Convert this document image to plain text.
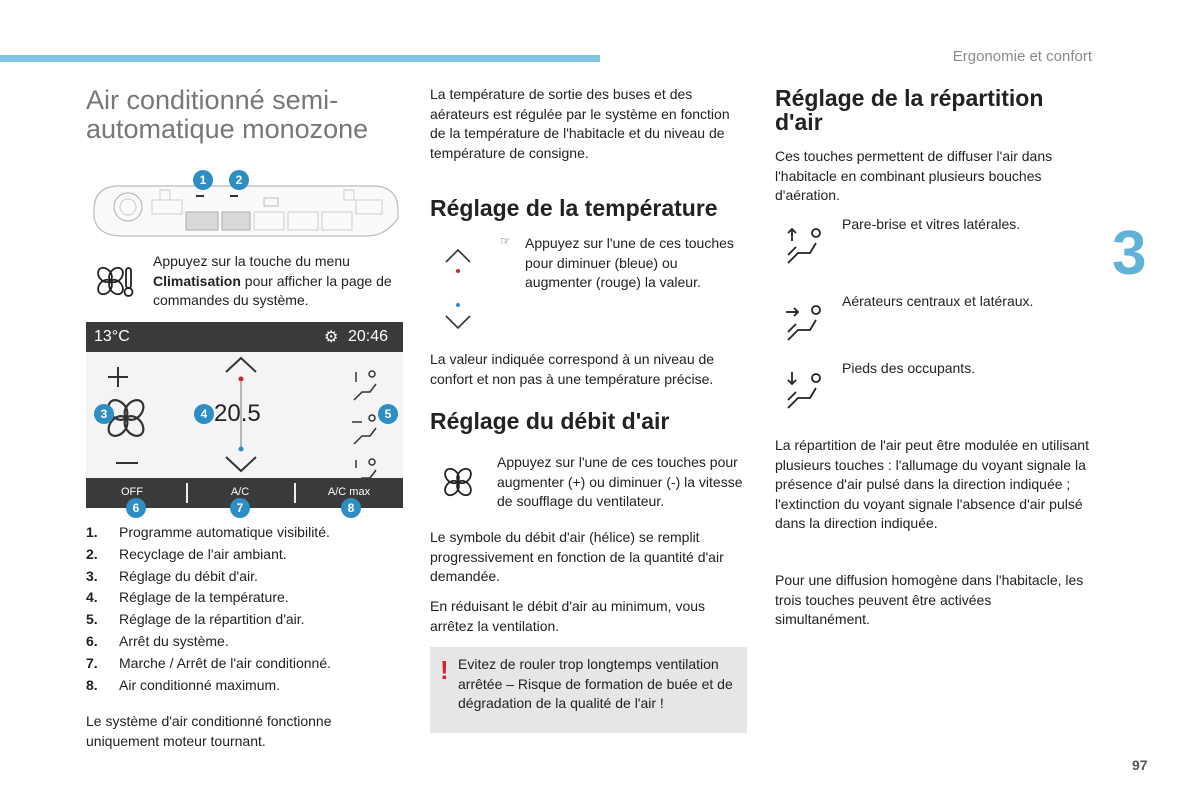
Ergonomie et confort
3
97
Air conditionné semi-automatique monozone
1	2
Appuyez sur la touche du menu Climatisation pour afficher la page de commandes du système.
13°C	⚙ 20:46
20.5
3	4	5
OFF	A/C	A/C max
6	7	8
1. Programme automatique visibilité.
2. Recyclage de l'air ambiant.
3. Réglage du débit d'air.
4. Réglage de la température.
5. Réglage de la répartition d'air.
6. Arrêt du système.
7. Marche / Arrêt de l'air conditionné.
8. Air conditionné maximum.
Le système d'air conditionné fonctionne uniquement moteur tournant.
La température de sortie des buses et des aérateurs est régulée par le système en fonction de la température de l'habitacle et du niveau de température de consigne.
Réglage de la température
☞ Appuyez sur l'une de ces touches pour diminuer (bleue) ou augmenter (rouge) la valeur.
La valeur indiquée correspond à un niveau de confort et non pas à une température précise.
Réglage du débit d'air
Appuyez sur l'une de ces touches pour augmenter (+) ou diminuer (-) la vitesse de soufflage du ventilateur.
Le symbole du débit d'air (hélice) se remplit progressivement en fonction de la quantité d'air demandée.
En réduisant le débit d'air au minimum, vous arrêtez la ventilation.
! Evitez de rouler trop longtemps ventilation arrêtée – Risque de formation de buée et de dégradation de la qualité de l'air !
Réglage de la répartition d'air
Ces touches permettent de diffuser l'air dans l'habitacle en combinant plusieurs bouches d'aération.
Pare-brise et vitres latérales.
Aérateurs centraux et latéraux.
Pieds des occupants.
La répartition de l'air peut être modulée en utilisant plusieurs touches : l'allumage du voyant signale la présence d'air pulsé dans la direction indiquée ; l'extinction du voyant signale l'absence d'air pulsé dans la direction indiquée.
Pour une diffusion homogène dans l'habitacle, les trois touches peuvent être activées simultanément.
